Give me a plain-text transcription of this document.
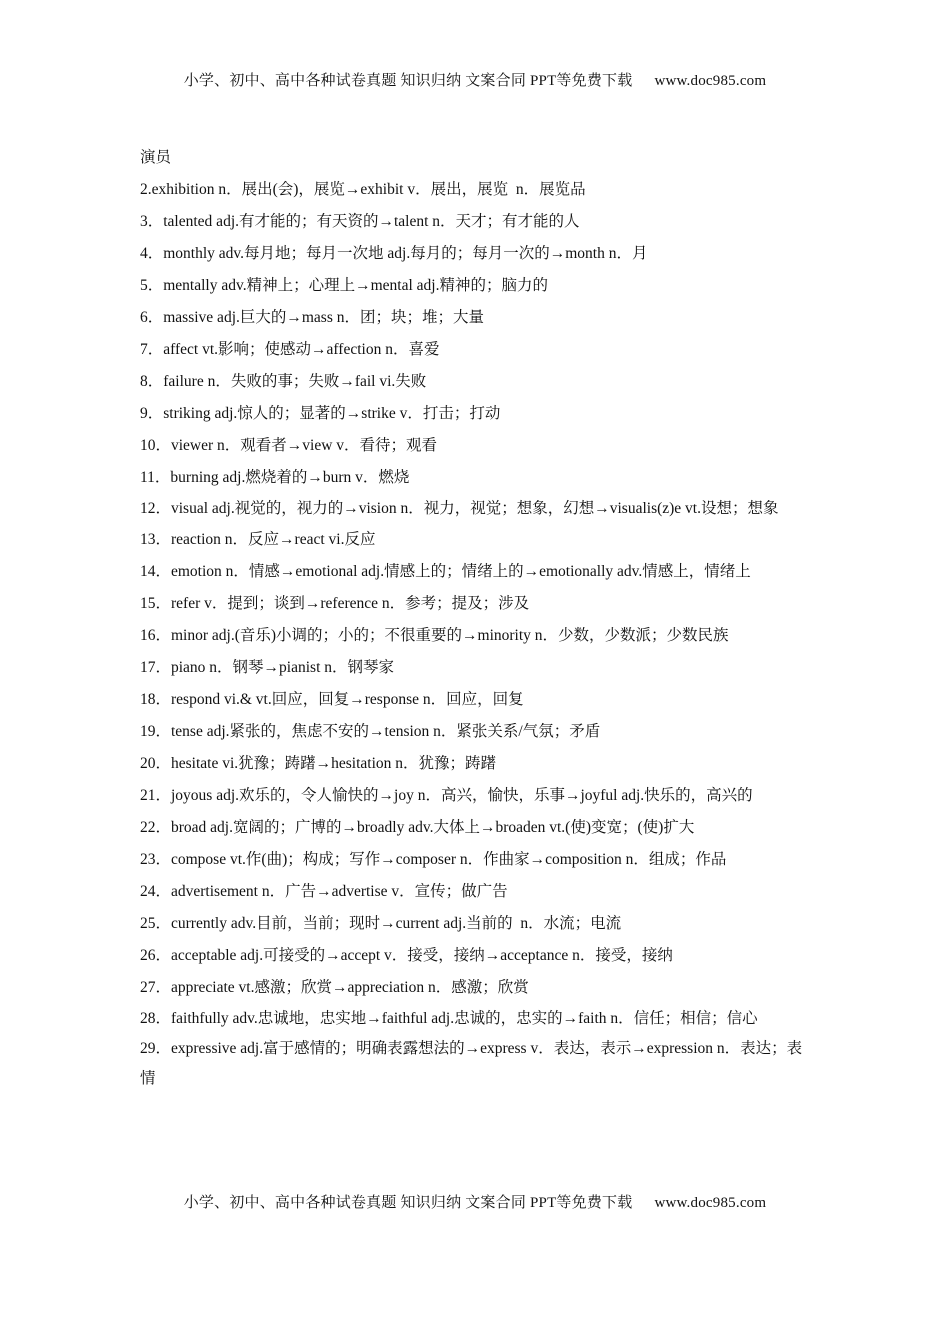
小学、初中、高中各种试卷真题 知识归纳 文案合同 PPT等免费下载 www.doc985.com

演员

2.exhibition n．展出(会)，展览→exhibit v．展出，展览  n．展览品

3．talented adj.有才能的；有天资的→talent n．天才；有才能的人

4．monthly adv.每月地；每月一次地 adj.每月的；每月一次的→month n．月

5．mentally adv.精神上；心理上→mental adj.精神的；脑力的

6．massive adj.巨大的→mass n．团；块；堆；大量

7．affect vt.影响；使感动→affection n．喜爱

8．failure n．失败的事；失败→fail vi.失败

9．striking adj.惊人的；显著的→strike v．打击；打动

10．viewer n．观看者→view v．看待；观看

11．burning adj.燃烧着的→burn v．燃烧

12．visual adj.视觉的，视力的→vision n．视力，视觉；想象，幻想→visualis(z)e vt.设想；想象

13．reaction n．反应→react vi.反应

14．emotion n．情感→emotional adj.情感上的；情绪上的→emotionally adv.情感上，情绪上

15．refer v．提到；谈到→reference n．参考；提及；涉及

16．minor adj.(音乐)小调的；小的；不很重要的→minority n．少数，少数派；少数民族

17．piano n．钢琴→pianist n．钢琴家

18．respond vi.& vt.回应，回复→response n．回应，回复

19．tense adj.紧张的，焦虑不安的→tension n．紧张关系/气氛；矛盾

20．hesitate vi.犹豫；踌躇→hesitation n．犹豫；踌躇

21．joyous adj.欢乐的，令人愉快的→joy n．高兴，愉快，乐事→joyful adj.快乐的，高兴的

22．broad adj.宽阔的；广博的→broadly adv.大体上→broaden vt.(使)变宽；(使)扩大

23．compose vt.作(曲)；构成；写作→composer n．作曲家→composition n．组成；作品

24．advertisement n．广告→advertise v．宣传；做广告

25．currently adv.目前，当前；现时→current adj.当前的  n．水流；电流

26．acceptable adj.可接受的→accept v．接受，接纳→acceptance n．接受，接纳

27．appreciate vt.感激；欣赏→appreciation n．感激；欣赏

28．faithfully adv.忠诚地，忠实地→faithful adj.忠诚的，忠实的→faith n．信任；相信；信心

29．expressive adj.富于感情的；明确表露想法的→express v．表达，表示→expression n．表达；表情

小学、初中、高中各种试卷真题 知识归纳 文案合同 PPT等免费下载 www.doc985.com
